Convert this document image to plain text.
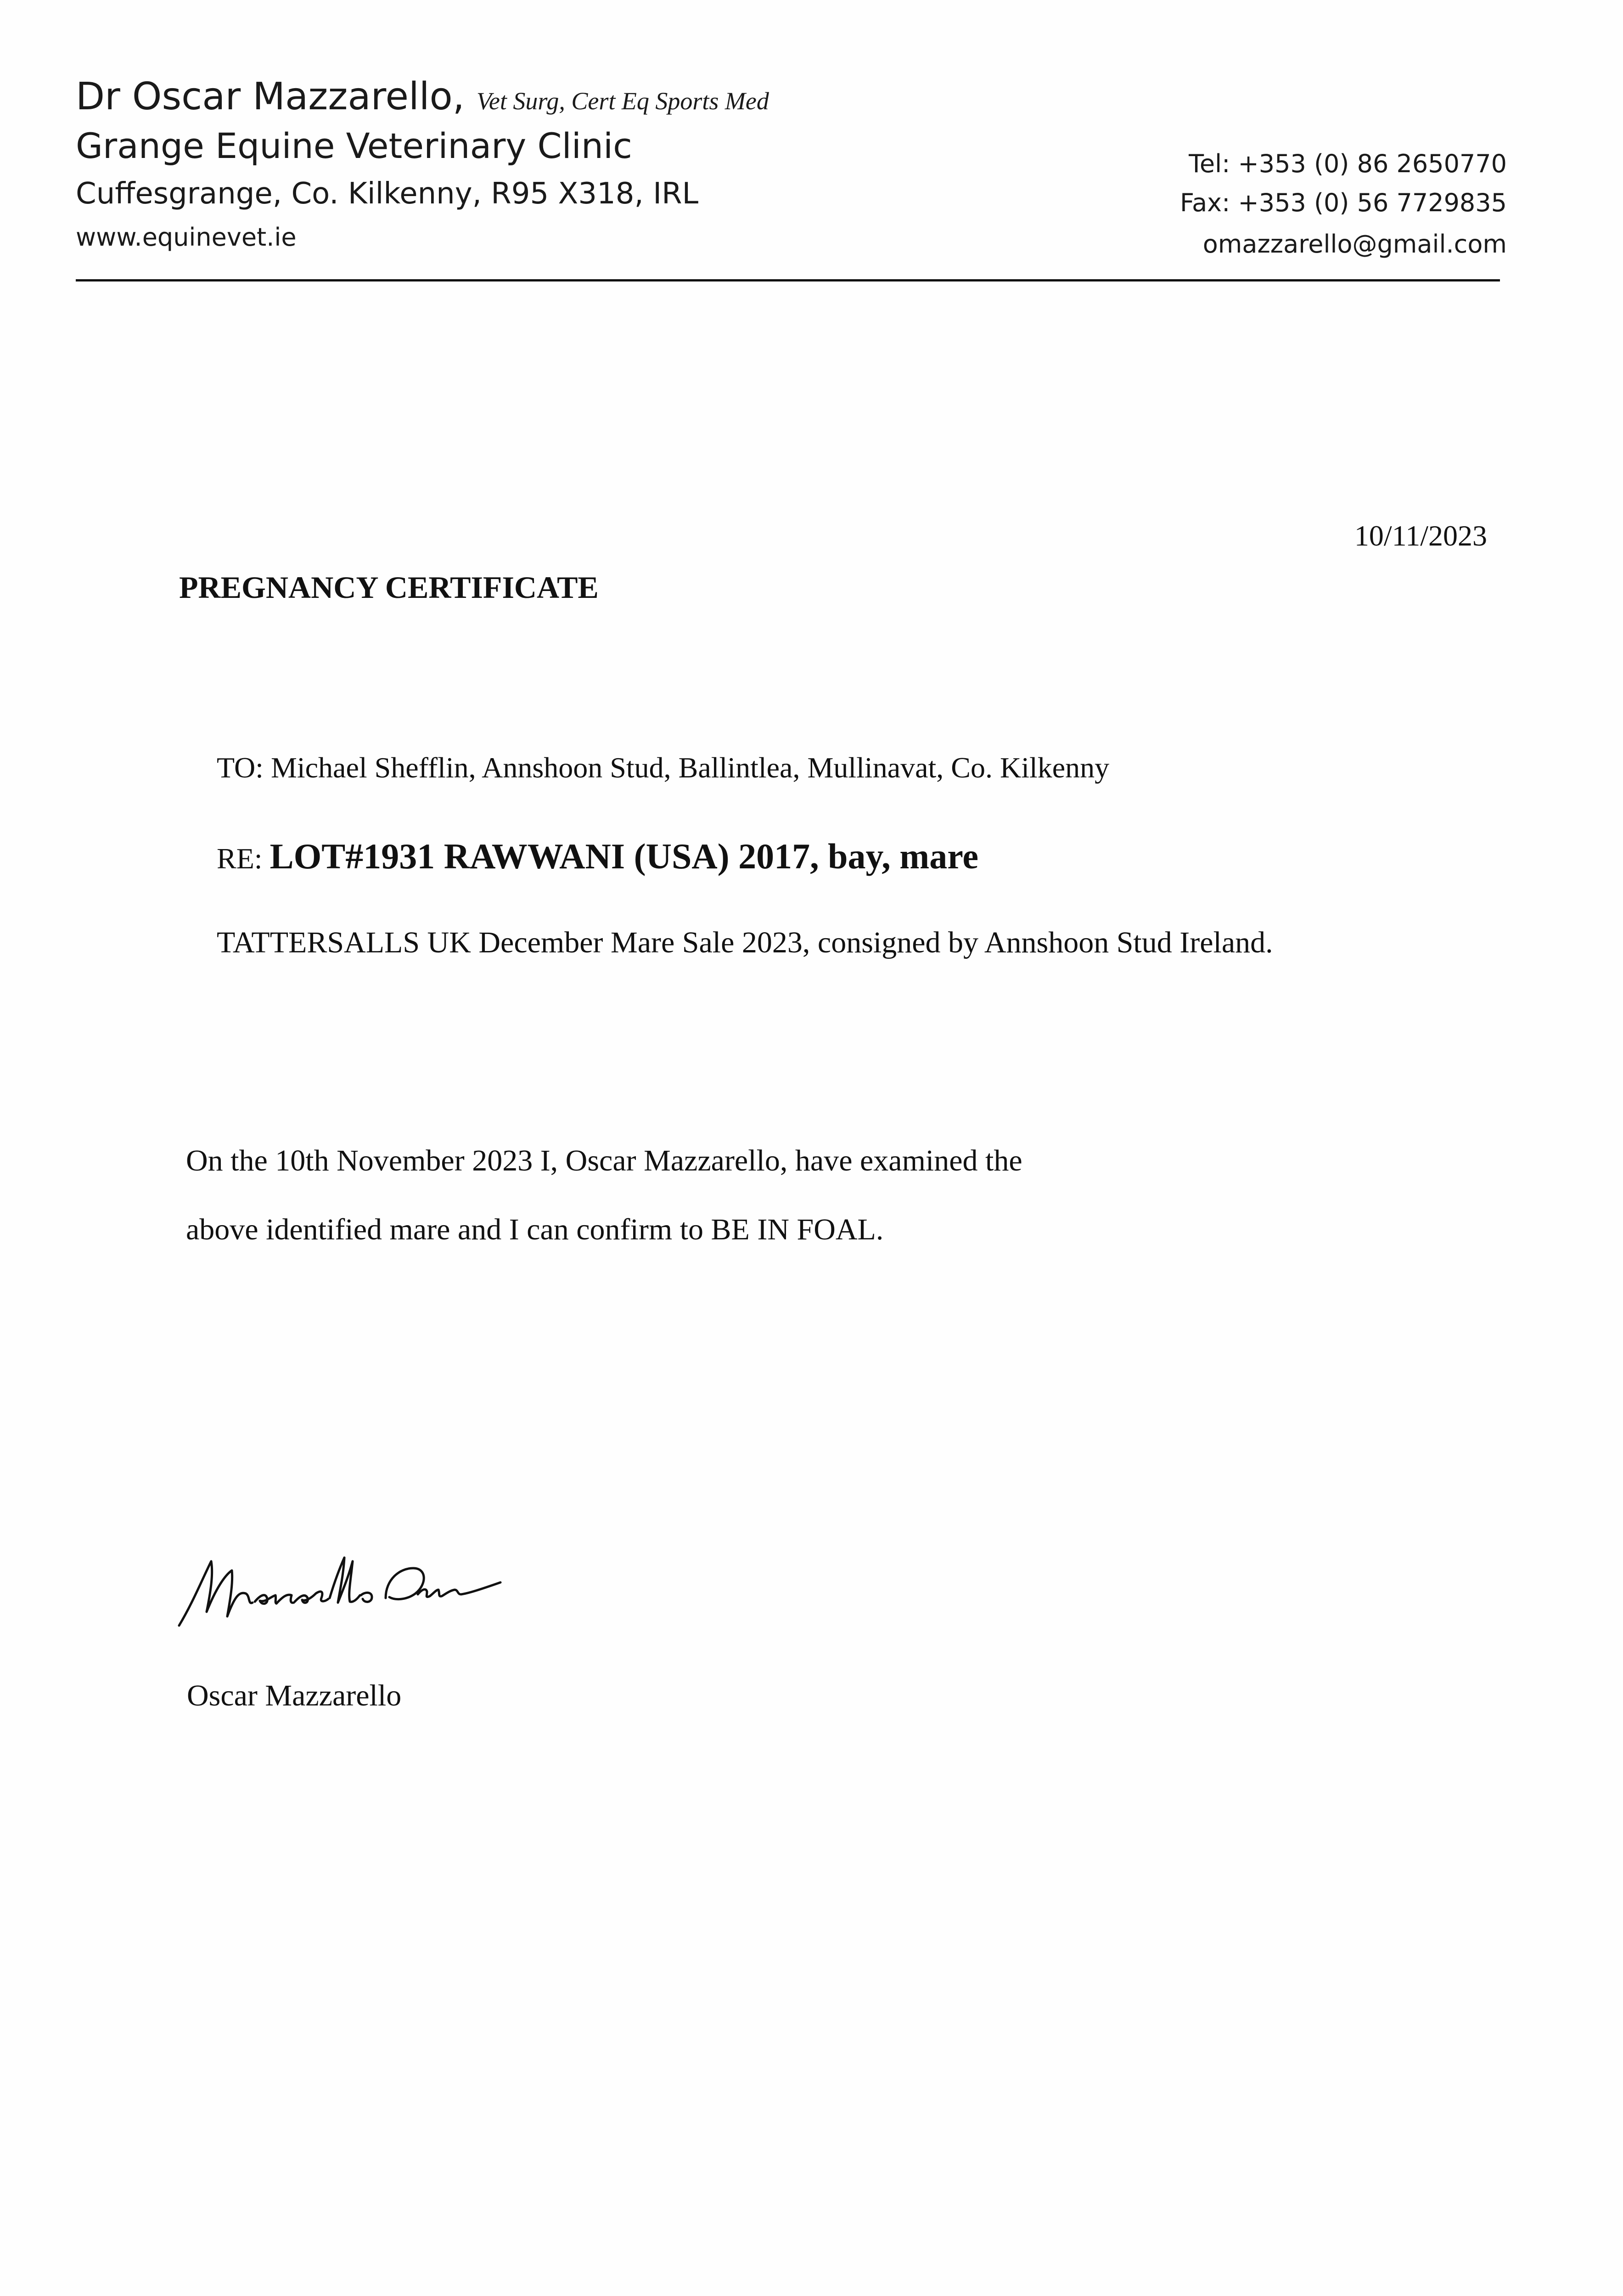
Dr Oscar Mazzarello, Vet Surg, Cert Eq Sports Med
Grange Equine Veterinary Clinic
Cuffesgrange, Co. Kilkenny, R95 X318, IRL
www.equinevet.ie
Tel: +353 (0) 86 2650770
Fax: +353 (0) 56 7729835
omazzarello@gmail.com
10/11/2023
PREGNANCY CERTIFICATE
TO: Michael Shefflin, Annshoon Stud, Ballintlea, Mullinavat, Co. Kilkenny
RE: LOT#1931 RAWWANI (USA) 2017, bay, mare
TATTERSALLS UK December Mare Sale 2023, consigned by Annshoon Stud Ireland.
On the 10th November 2023 I, Oscar Mazzarello, have examined the
above identified mare and I can confirm to BE IN FOAL.
Oscar Mazzarello
